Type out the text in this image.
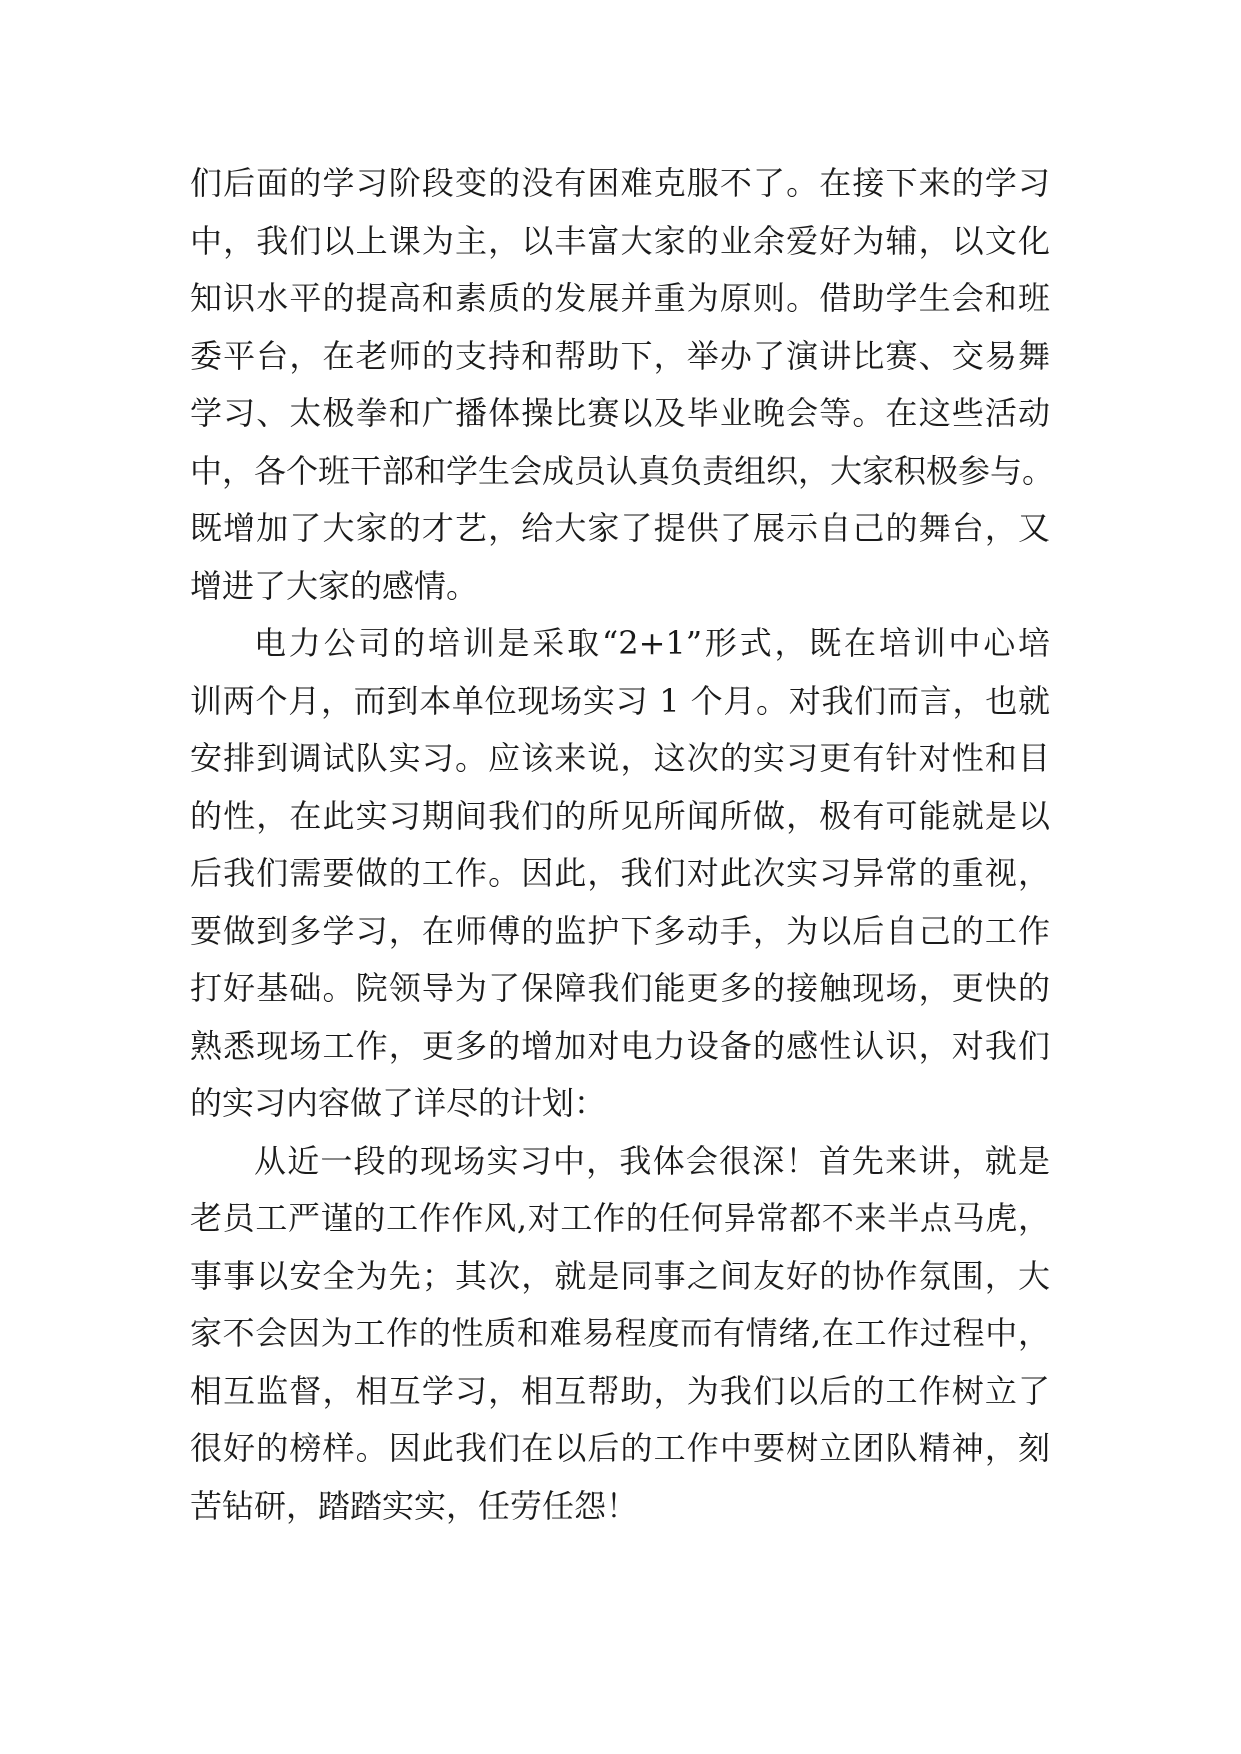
们后面的学习阶段变的没有困难克服不了。在接下来的学习
中，我们以上课为主，以丰富大家的业余爱好为辅，以文化
知识水平的提高和素质的发展并重为原则。借助学生会和班
委平台，在老师的支持和帮助下，举办了演讲比赛、交易舞
学习、太极拳和广播体操比赛以及毕业晚会等。在这些活动
中，各个班干部和学生会成员认真负责组织，大家积极参与。
既增加了大家的才艺，给大家了提供了展示自己的舞台，又
增进了大家的感情。
电力公司的培训是采取“2+1”形式，既在培训中心培
训两个月，而到本单位现场实习 1 个月。对我们而言，也就
安排到调试队实习。应该来说，这次的实习更有针对性和目
的性，在此实习期间我们的所见所闻所做，极有可能就是以
后我们需要做的工作。因此，我们对此次实习异常的重视，
要做到多学习，在师傅的监护下多动手，为以后自己的工作
打好基础。院领导为了保障我们能更多的接触现场，更快的
熟悉现场工作，更多的增加对电力设备的感性认识，对我们
的实习内容做了详尽的计划：
从近一段的现场实习中，我体会很深！首先来讲，就是
老员工严谨的工作作风,对工作的任何异常都不来半点马虎，
事事以安全为先；其次，就是同事之间友好的协作氛围，大
家不会因为工作的性质和难易程度而有情绪,在工作过程中，
相互监督，相互学习，相互帮助，为我们以后的工作树立了
很好的榜样。因此我们在以后的工作中要树立团队精神，刻
苦钻研，踏踏实实，任劳任怨！
